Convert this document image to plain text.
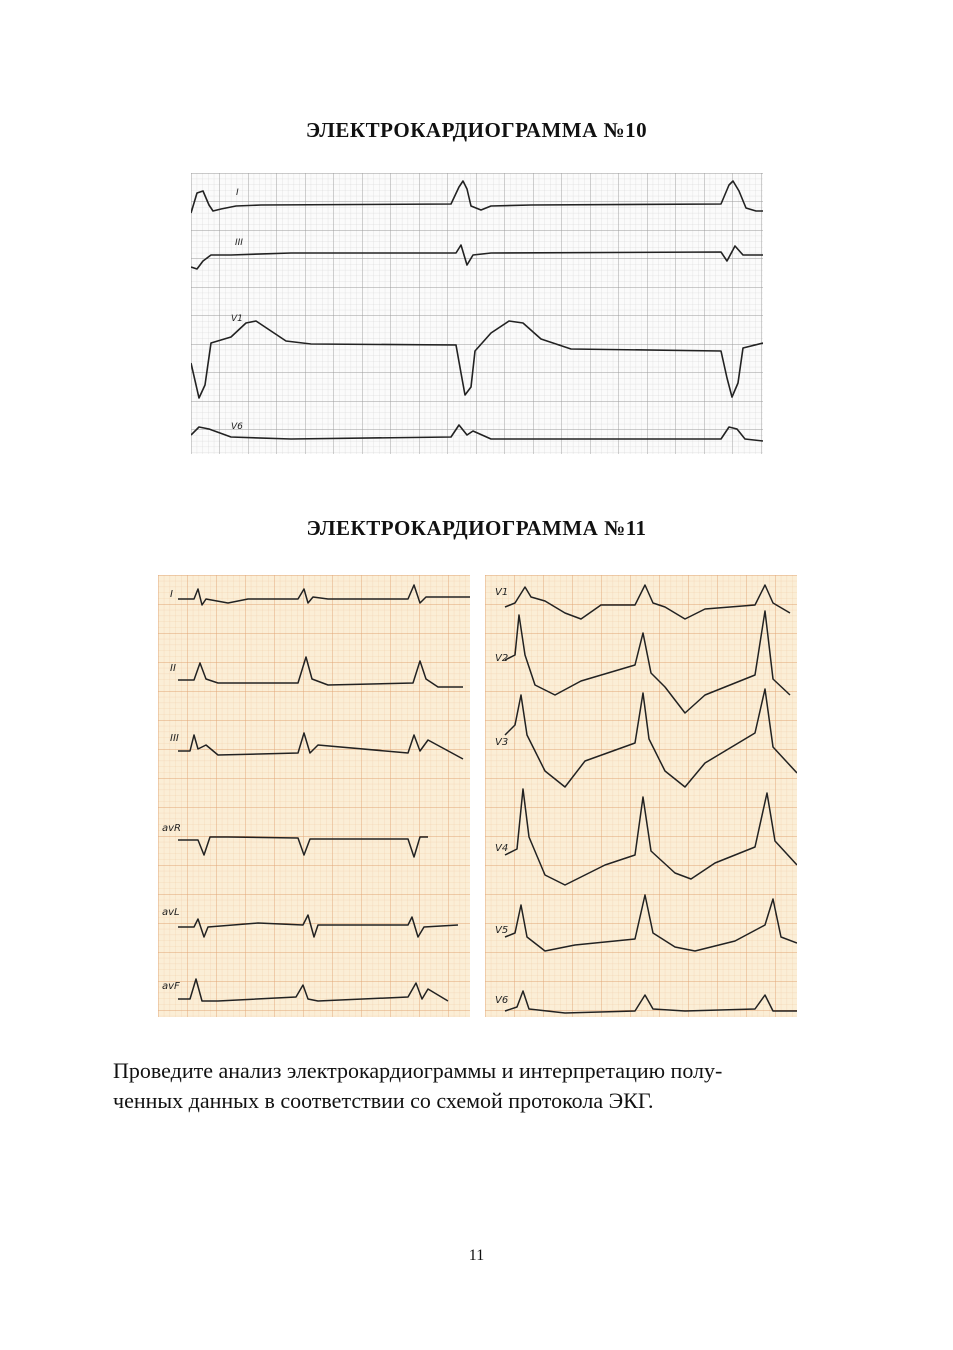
ЭЛЕКТРОКАРДИОГРАММА №10
I
III
V1
V6
ЭЛЕКТРОКАРДИОГРАММА №11
I
II
III
avR
avL
avF
V1
V2
V3
V4
V5
V6
Проведите анализ электрокардиограммы и интерпретацию полу-
ченных данных в соответствии со схемой протокола ЭКГ.
11
